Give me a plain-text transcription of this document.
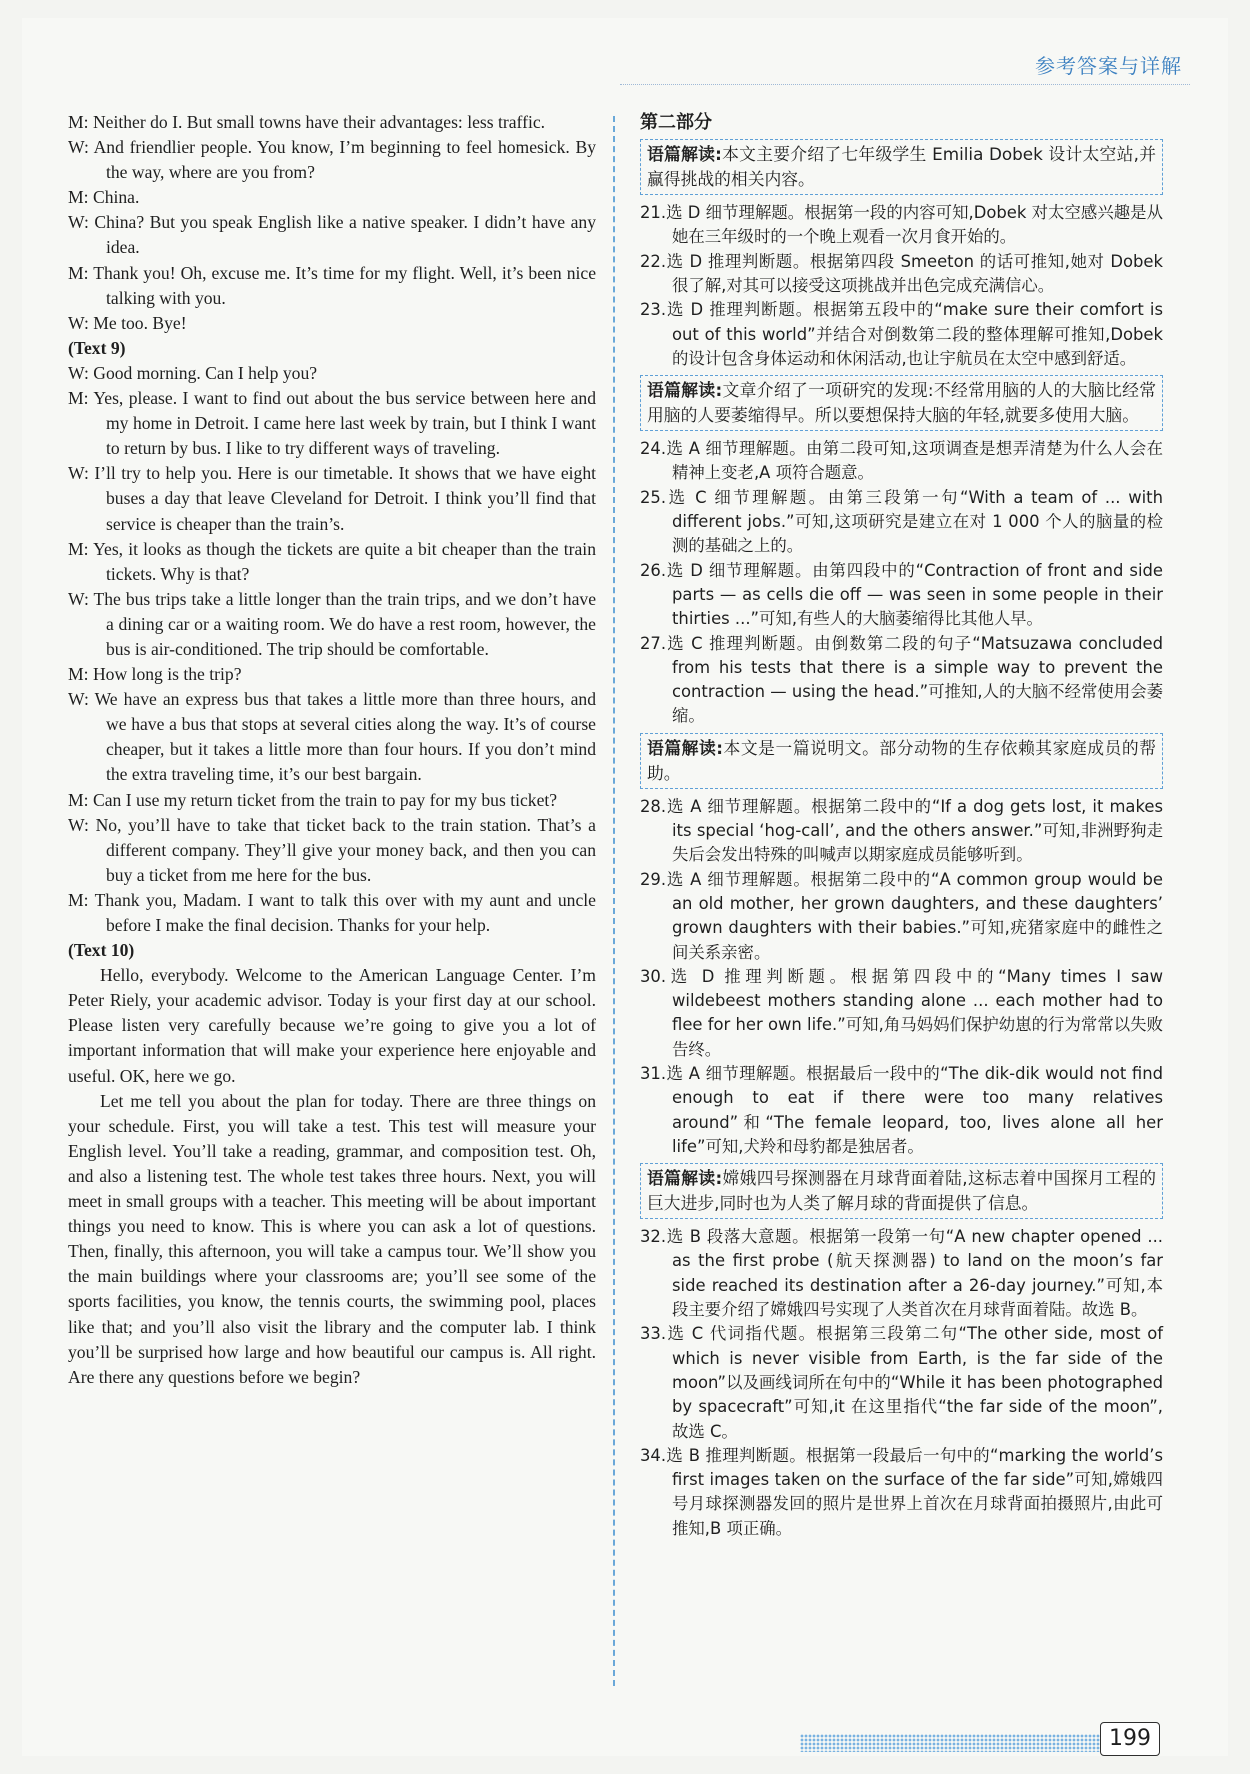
参考答案与详解

M: Neither do I. But small towns have their advantages: less traffic.

W: And friendlier people. You know, I’m beginning to feel homesick. By the way, where are you from?

M: China.

W: China? But you speak English like a native speaker. I didn’t have any idea.

M: Thank you! Oh, excuse me. It’s time for my flight. Well, it’s been nice talking with you.

W: Me too. Bye!

(Text 9)

W: Good morning. Can I help you?

M: Yes, please. I want to find out about the bus service between here and my home in Detroit. I came here last week by train, but I think I want to return by bus. I like to try different ways of traveling.

W: I’ll try to help you. Here is our timetable. It shows that we have eight buses a day that leave Cleveland for Detroit. I think you’ll find that service is cheaper than the train’s.

M: Yes, it looks as though the tickets are quite a bit cheaper than the train tickets. Why is that?

W: The bus trips take a little longer than the train trips, and we don’t have a dining car or a waiting room. We do have a rest room, however, the bus is air-conditioned. The trip should be comfortable.

M: How long is the trip?

W: We have an express bus that takes a little more than three hours, and we have a bus that stops at several cities along the way. It’s of course cheaper, but it takes a little more than four hours. If you don’t mind the extra traveling time, it’s our best bargain.

M: Can I use my return ticket from the train to pay for my bus ticket?

W: No, you’ll have to take that ticket back to the train station. That’s a different company. They’ll give your money back, and then you can buy a ticket from me here for the bus.

M: Thank you, Madam. I want to talk this over with my aunt and uncle before I make the final decision. Thanks for your help.

(Text 10)

Hello, everybody. Welcome to the American Language Center. I’m Peter Riely, your academic advisor. Today is your first day at our school. Please listen very carefully because we’re going to give you a lot of important information that will make your experience here enjoyable and useful. OK, here we go.

Let me tell you about the plan for today. There are three things on your schedule. First, you will take a test. This test will measure your English level. You’ll take a reading, grammar, and composition test. Oh, and also a listening test. The whole test takes three hours. Next, you will meet in small groups with a teacher. This meeting will be about important things you need to know. This is where you can ask a lot of questions. Then, finally, this afternoon, you will take a campus tour. We’ll show you the main buildings where your classrooms are; you’ll see some of the sports facilities, you know, the tennis courts, the swimming pool, places like that; and you’ll also visit the library and the computer lab. I think you’ll be surprised how large and how beautiful our campus is. All right. Are there any questions before we begin?

第二部分

语篇解读:本文主要介绍了七年级学生 Emilia Dobek 设计太空站,并赢得挑战的相关内容。

21.选 D 细节理解题。根据第一段的内容可知,Dobek 对太空感兴趣是从她在三年级时的一个晚上观看一次月食开始的。

22.选 D 推理判断题。根据第四段 Smeeton 的话可推知,她对 Dobek 很了解,对其可以接受这项挑战并出色完成充满信心。

23.选 D 推理判断题。根据第五段中的“make sure their comfort is out of this world”并结合对倒数第二段的整体理解可推知,Dobek 的设计包含身体运动和休闲活动,也让宇航员在太空中感到舒适。

语篇解读:文章介绍了一项研究的发现:不经常用脑的人的大脑比经常用脑的人要萎缩得早。所以要想保持大脑的年轻,就要多使用大脑。

24.选 A 细节理解题。由第二段可知,这项调查是想弄清楚为什么人会在精神上变老,A 项符合题意。

25.选 C 细节理解题。由第三段第一句“With a team of ... with different jobs.”可知,这项研究是建立在对 1 000 个人的脑量的检测的基础之上的。

26.选 D 细节理解题。由第四段中的“Contraction of front and side parts — as cells die off — was seen in some people in their thirties ...”可知,有些人的大脑萎缩得比其他人早。

27.选 C 推理判断题。由倒数第二段的句子“Matsuzawa concluded from his tests that there is a simple way to prevent the contraction — using the head.”可推知,人的大脑不经常使用会萎缩。

语篇解读:本文是一篇说明文。部分动物的生存依赖其家庭成员的帮助。

28.选 A 细节理解题。根据第二段中的“If a dog gets lost, it makes its special ‘hog-call’, and the others answer.”可知,非洲野狗走失后会发出特殊的叫喊声以期家庭成员能够听到。

29.选 A 细节理解题。根据第二段中的“A common group would be an old mother, her grown daughters, and these daughters’ grown daughters with their babies.”可知,疣猪家庭中的雌性之间关系亲密。

30.选 D 推理判断题。根据第四段中的“Many times I saw wildebeest mothers standing alone ... each mother had to flee for her own life.”可知,角马妈妈们保护幼崽的行为常常以失败告终。

31.选 A 细节理解题。根据最后一段中的“The dik-dik would not find enough to eat if there were too many relatives around”和“The female leopard, too, lives alone all her life”可知,犬羚和母豹都是独居者。

语篇解读:嫦娥四号探测器在月球背面着陆,这标志着中国探月工程的巨大进步,同时也为人类了解月球的背面提供了信息。

32.选 B 段落大意题。根据第一段第一句“A new chapter opened ... as the first probe (航天探测器) to land on the moon’s far side reached its destination after a 26-day journey.”可知,本段主要介绍了嫦娥四号实现了人类首次在月球背面着陆。故选 B。

33.选 C 代词指代题。根据第三段第二句“The other side, most of which is never visible from Earth, is the far side of the moon”以及画线词所在句中的“While it has been photographed by spacecraft”可知,it 在这里指代“the far side of the moon”,故选 C。

34.选 B 推理判断题。根据第一段最后一句中的“marking the world’s first images taken on the surface of the far side”可知,嫦娥四号月球探测器发回的照片是世界上首次在月球背面拍摄照片,由此可推知,B 项正确。

199
